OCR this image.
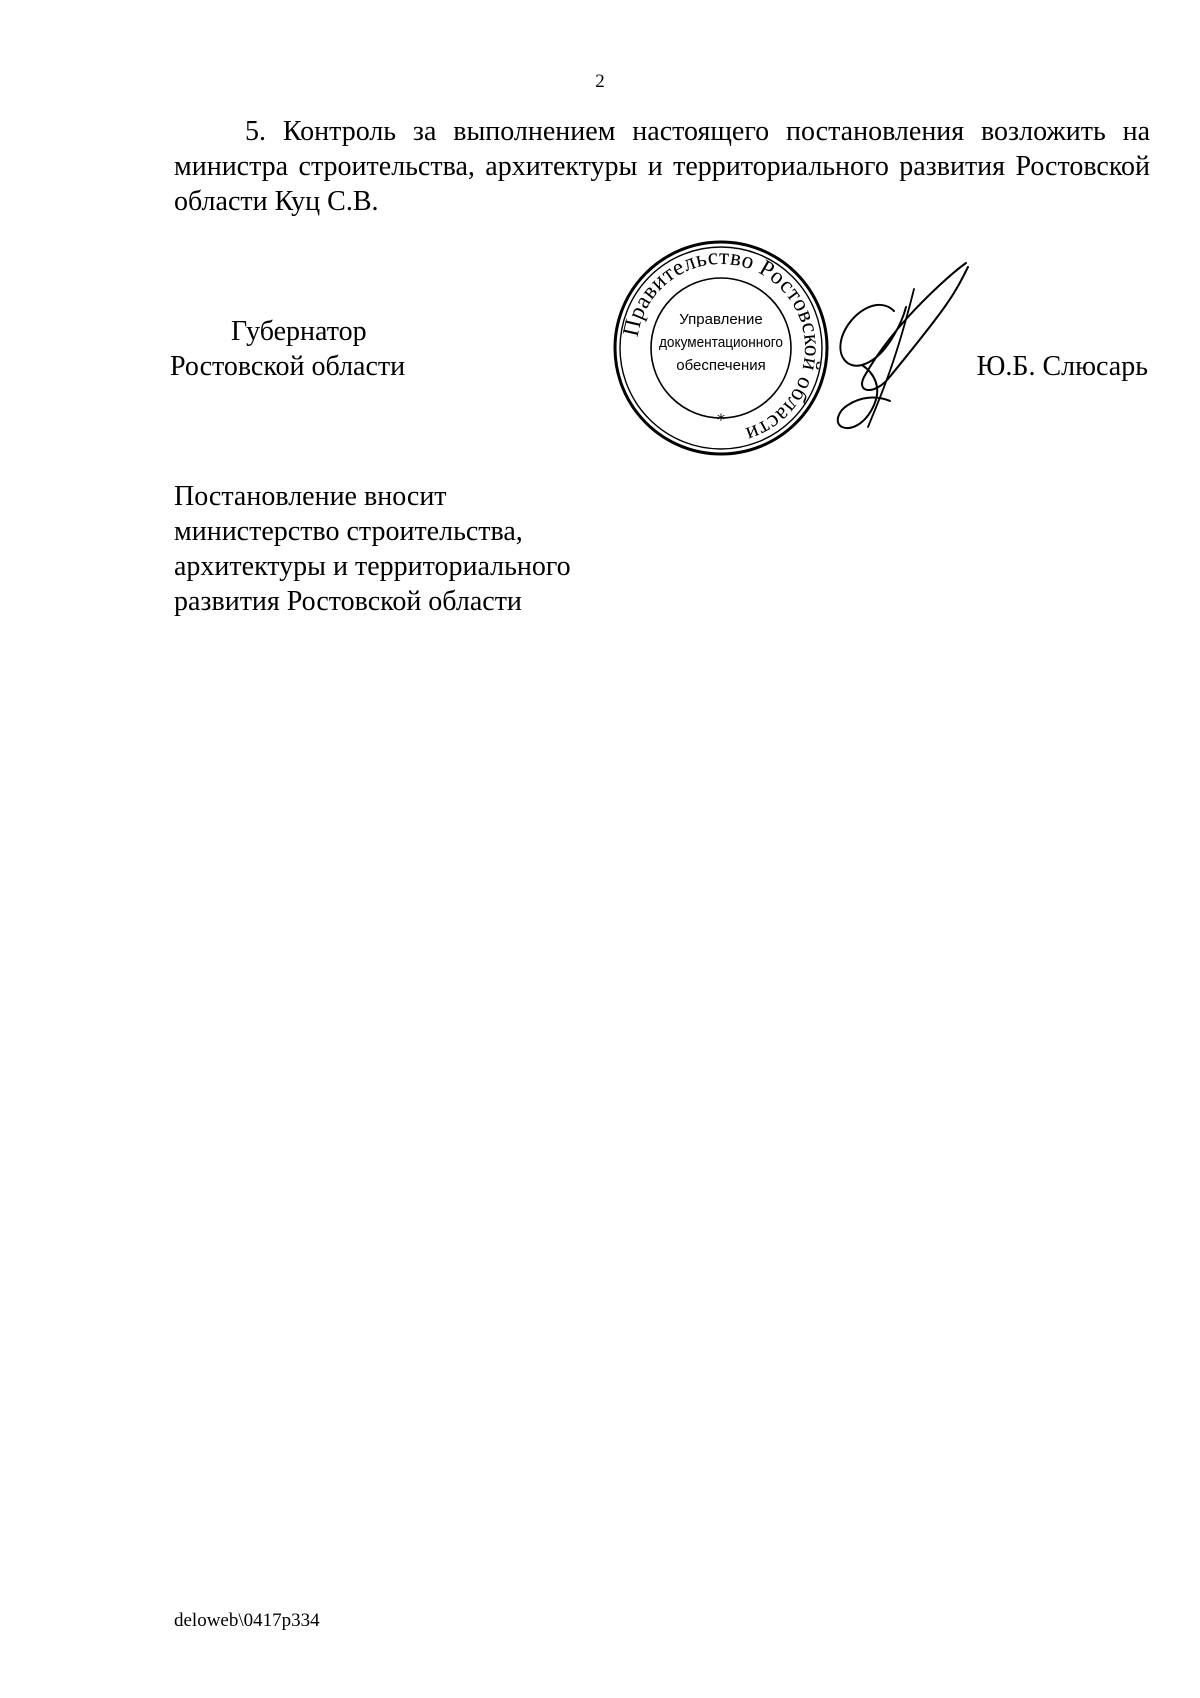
2
5. Контроль за выполнением настоящего постановления возложить на министра строительства, архитектуры и территориального развития Ростовской области Куц С.В.
Губернатор
Ростовской области
Правительство Ростовской области
Управление
документационного
обеспечения
*
Ю.Б. Слюсарь
Постановление вносит
министерство строительства,
архитектуры и территориального
развития Ростовской области
deloweb\0417p334
